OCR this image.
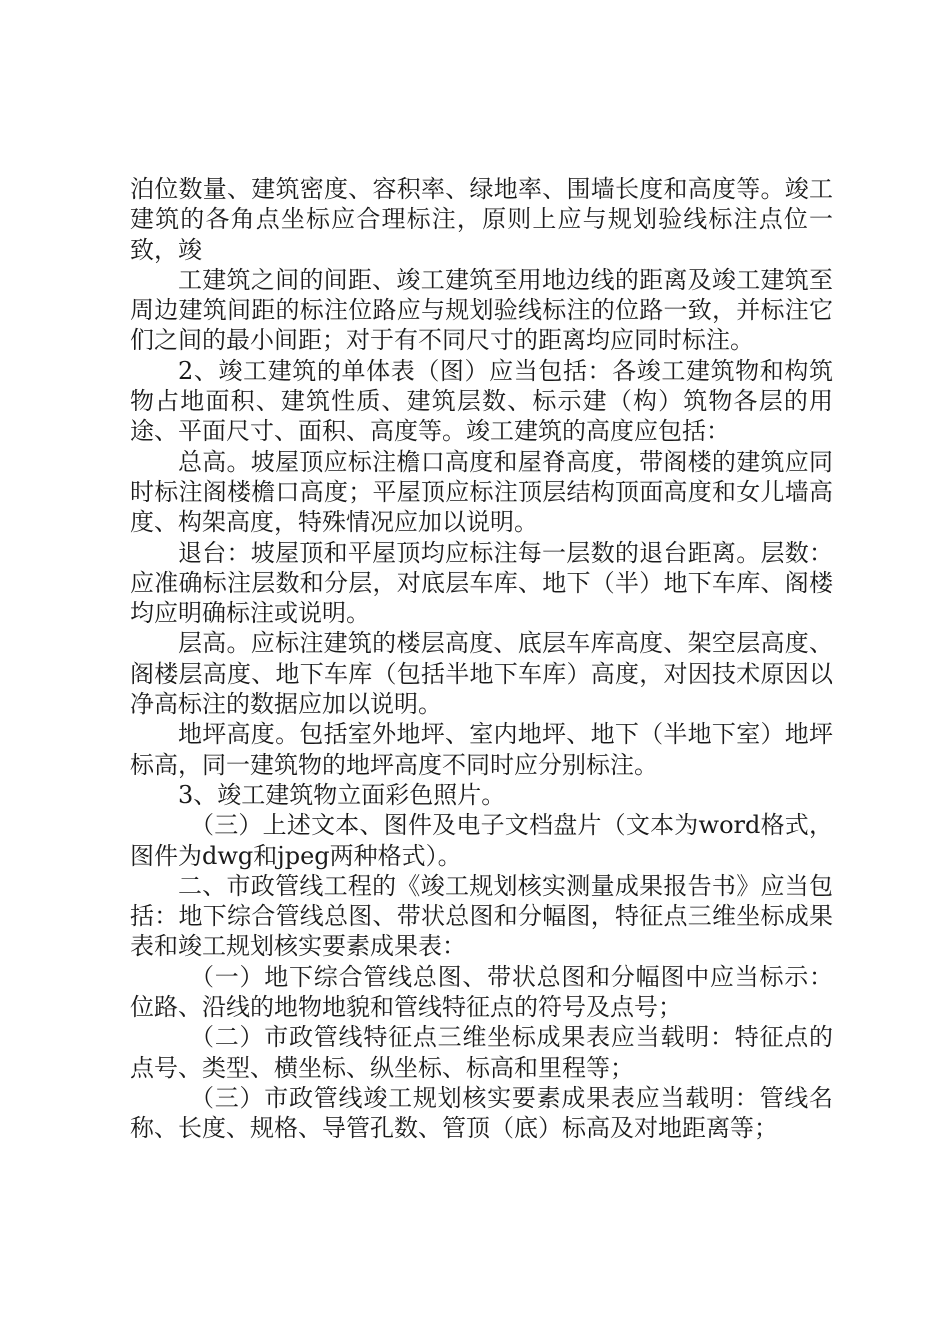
泊位数量、建筑密度、容积率、绿地率、围墙长度和高度等。竣工建筑的各角点坐标应合理标注，原则上应与规划验线标注点位一致，竣

工建筑之间的间距、竣工建筑至用地边线的距离及竣工建筑至周边建筑间距的标注位路应与规划验线标注的位路一致，并标注它们之间的最小间距；对于有不同尺寸的距离均应同时标注。

2、竣工建筑的单体表（图）应当包括：各竣工建筑物和构筑物占地面积、建筑性质、建筑层数、标示建（构）筑物各层的用途、平面尺寸、面积、高度等。竣工建筑的高度应包括：

总高。坡屋顶应标注檐口高度和屋脊高度，带阁楼的建筑应同时标注阁楼檐口高度；平屋顶应标注顶层结构顶面高度和女儿墙高度、构架高度，特殊情况应加以说明。

退台：坡屋顶和平屋顶均应标注每一层数的退台距离。层数：应准确标注层数和分层，对底层车库、地下（半）地下车库、阁楼均应明确标注或说明。

层高。应标注建筑的楼层高度、底层车库高度、架空层高度、阁楼层高度、地下车库（包括半地下车库）高度，对因技术原因以净高标注的数据应加以说明。

地坪高度。包括室外地坪、室内地坪、地下（半地下室）地坪标高，同一建筑物的地坪高度不同时应分别标注。

3、竣工建筑物立面彩色照片。

（三）上述文本、图件及电子文档盘片（文本为word格式，图件为dwg和jpeg两种格式）。

二、市政管线工程的《竣工规划核实测量成果报告书》应当包括：地下综合管线总图、带状总图和分幅图，特征点三维坐标成果表和竣工规划核实要素成果表：

（一）地下综合管线总图、带状总图和分幅图中应当标示：位路、沿线的地物地貌和管线特征点的符号及点号；

（二）市政管线特征点三维坐标成果表应当载明：特征点的点号、类型、横坐标、纵坐标、标高和里程等；

（三）市政管线竣工规划核实要素成果表应当载明：管线名称、长度、规格、导管孔数、管顶（底）标高及对地距离等；
